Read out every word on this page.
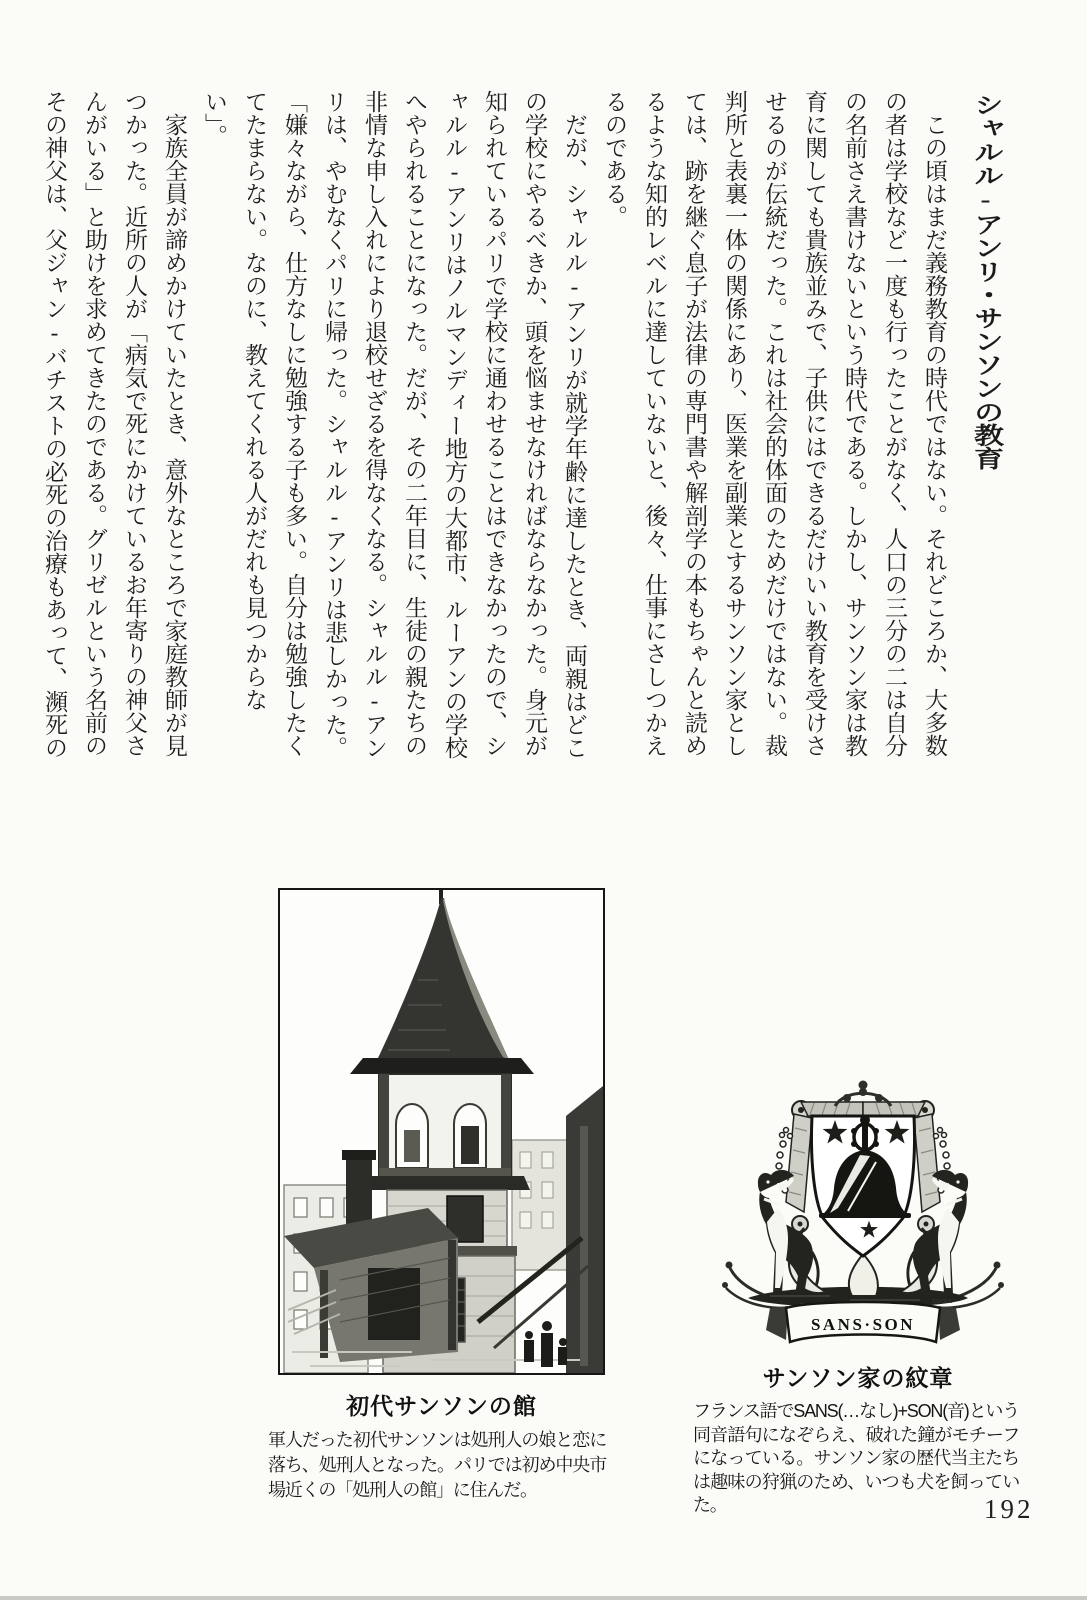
シャルル-アンリ・サンソンの教育

この頃はまだ義務教育の時代ではない。それどころか、大多数の者は学校など一度も行ったことがなく、人口の三分の二は自分の名前さえ書けないという時代である。しかし、サンソン家は教育に関しても貴族並みで、子供にはできるだけいい教育を受けさせるのが伝統だった。これは社会的体面のためだけではない。裁判所と表裏一体の関係にあり、医業を副業とするサンソン家としては、跡を継ぐ息子が法律の専門書や解剖学の本もちゃんと読めるような知的レベルに達していないと、後々、仕事にさしつかえるのである。

だが、シャルル-アンリが就学年齢に達したとき、両親はどこの学校にやるべきか、頭を悩ませなければならなかった。身元が知られているパリで学校に通わせることはできなかったので、シャルル-アンリはノルマンディー地方の大都市、ルーアンの学校へやられることになった。だが、その二年目に、生徒の親たちの非情な申し入れにより退校せざるを得なくなる。シャルル-アンリは、やむなくパリに帰った。シャルル-アンリは悲しかった。「嫌々ながら、仕方なしに勉強する子も多い。自分は勉強したくてたまらない。なのに、教えてくれる人がだれも見つからない」。

家族全員が諦めかけていたとき、意外なところで家庭教師が見つかった。近所の人が「病気で死にかけているお年寄りの神父さんがいる」と助けを求めてきたのである。グリゼルという名前のその神父は、父ジャン-バチストの必死の治療もあって、瀕死の

初代サンソンの館
軍人だった初代サンソンは処刑人の娘と恋に落ち、処刑人となった。パリでは初め中央市場近くの「処刑人の館」に住んだ。
TAVILE
SANS·SON
サンソン家の紋章
フランス語でSANS(…なし)+SON(音)という同音語句になぞらえ、破れた鐘がモチーフになっている。サンソン家の歴代当主たちは趣味の狩猟のため、いつも犬を飼っていた。	192
